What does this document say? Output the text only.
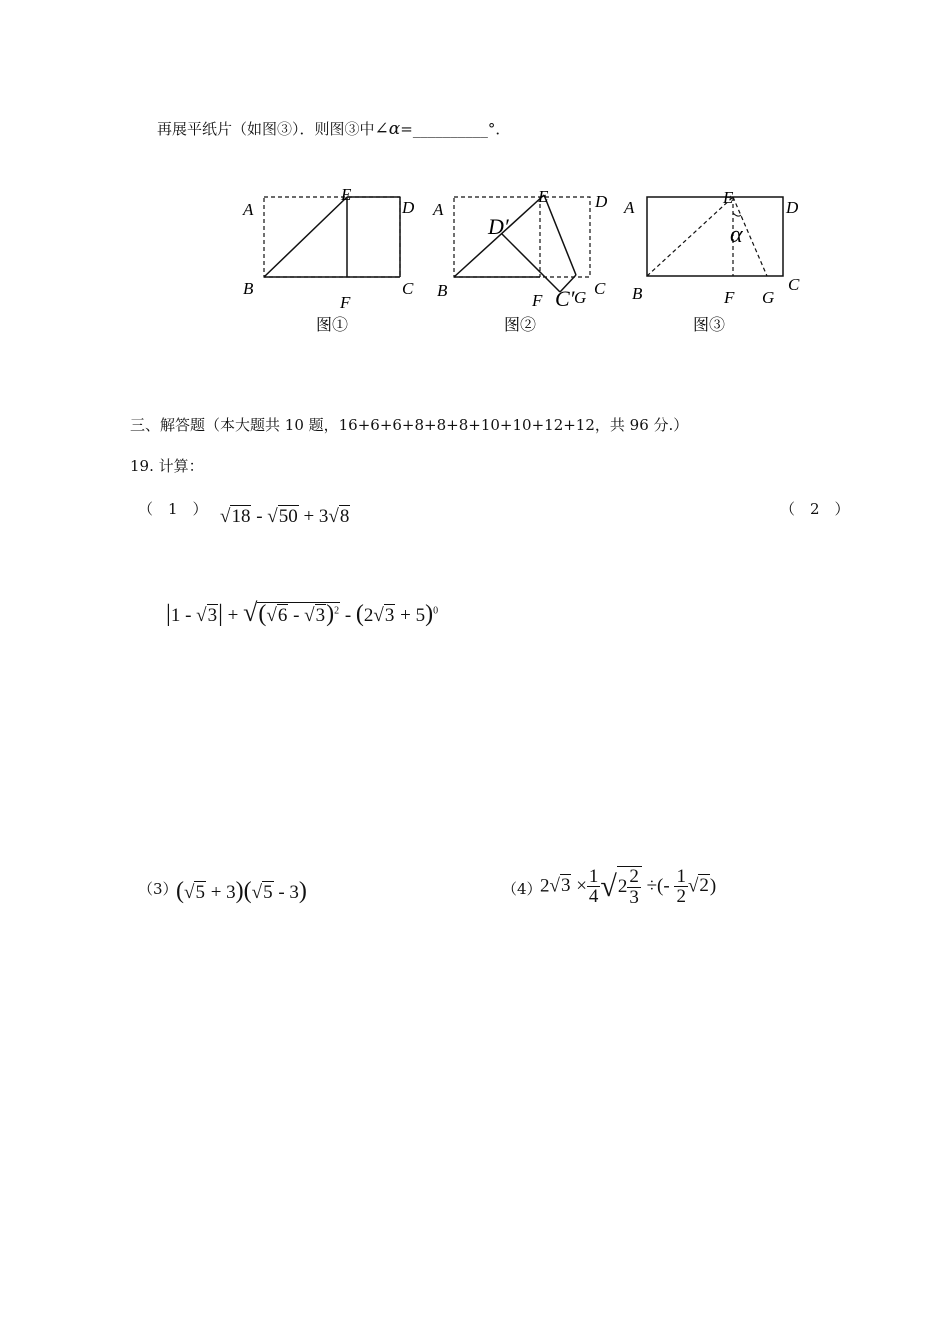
再展平纸片（如图③）．则图③中∠α=__________°．
A
E
D
B
F
C
图①
A
E	D
D′
B
F C′ G C
图②
A
E
D
α
B	F G
C
图③
三、解答题（本大题共 10 题，16+6+6+8+8+8+10+10+12+12，共 96 分.）
19. 计算：
（　1　） √18 - √50 + 3√8	（　2　）
$|1 - √3| + √(√6 - √3)^2 - (2√3 + 5)^0$
（3）
(√5 + 3)(√5 - 3)	（4）
$2√3 \times \frac{1}{4} √2 \frac{2}{3}$ ÷(- $\frac{1}{2} √2$)
